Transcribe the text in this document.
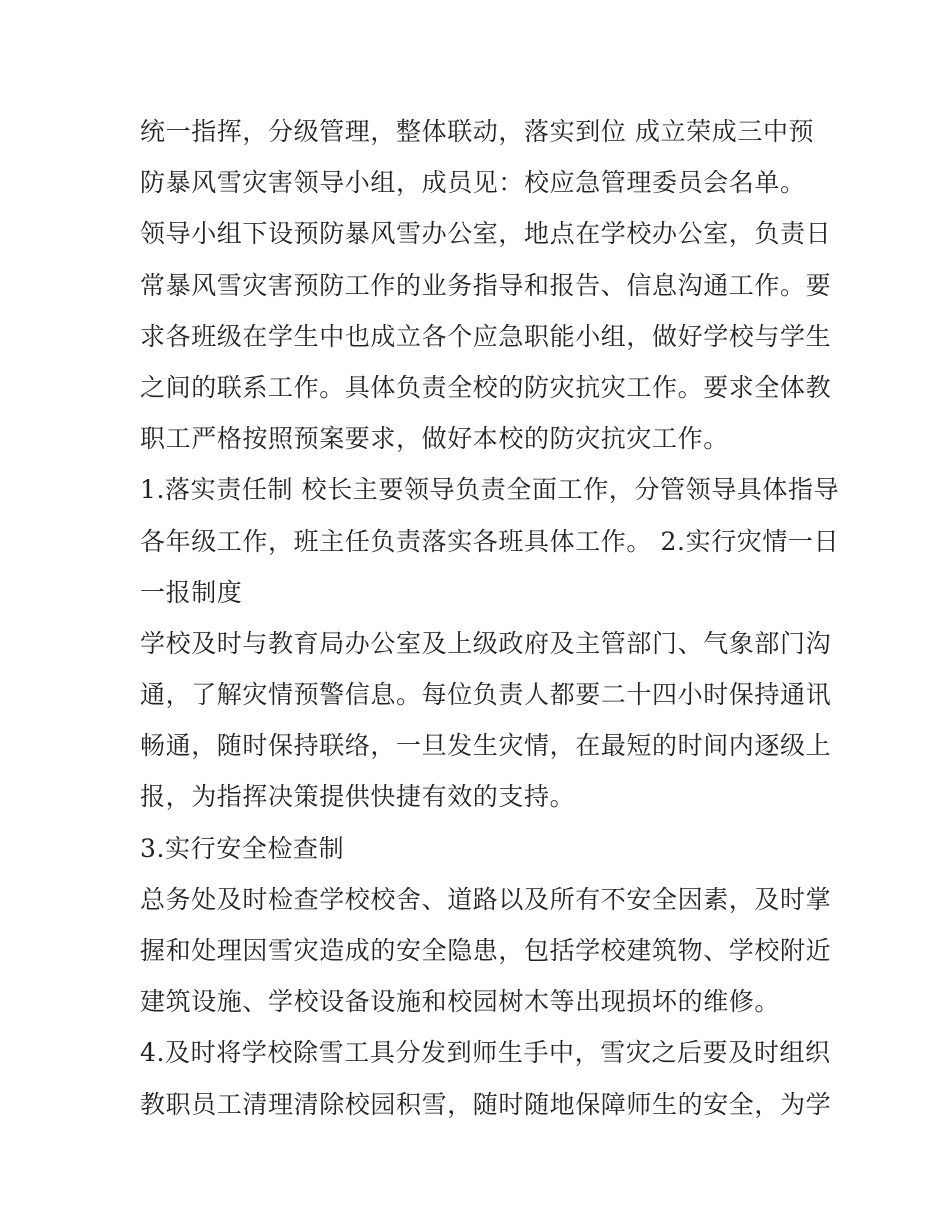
统一指挥，分级管理，整体联动，落实到位 成立荣成三中预
防暴风雪灾害领导小组，成员见：校应急管理委员会名单。
领导小组下设预防暴风雪办公室，地点在学校办公室，负责日
常暴风雪灾害预防工作的业务指导和报告、信息沟通工作。要
求各班级在学生中也成立各个应急职能小组，做好学校与学生
之间的联系工作。具体负责全校的防灾抗灾工作。要求全体教
职工严格按照预案要求，做好本校的防灾抗灾工作。
1.落实责任制 校长主要领导负责全面工作，分管领导具体指导
各年级工作，班主任负责落实各班具体工作。 2.实行灾情一日
一报制度
学校及时与教育局办公室及上级政府及主管部门、气象部门沟
通，了解灾情预警信息。每位负责人都要二十四小时保持通讯
畅通，随时保持联络，一旦发生灾情，在最短的时间内逐级上
报，为指挥决策提供快捷有效的支持。
3.实行安全检查制
总务处及时检查学校校舍、道路以及所有不安全因素，及时掌
握和处理因雪灾造成的安全隐患，包括学校建筑物、学校附近
建筑设施、学校设备设施和校园树木等出现损坏的维修。
4.及时将学校除雪工具分发到师生手中，雪灾之后要及时组织
教职员工清理清除校园积雪，随时随地保障师生的安全，为学
